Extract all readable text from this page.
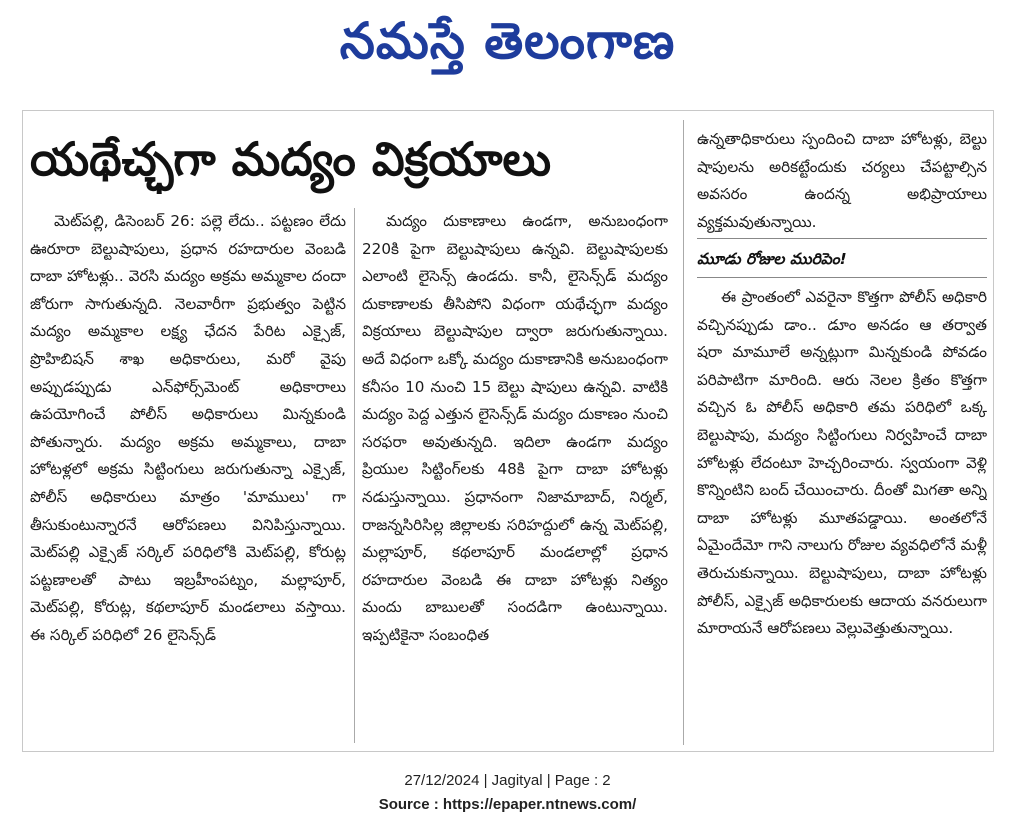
నమస్తే తెలంగాణ
యథేచ్ఛగా మద్యం విక్రయాలు

మెట్‌పల్లి, డిసెంబర్ 26: పల్లె లేదు.. పట్టణం లేదు ఊరూరా బెల్టుషాపులు, ప్రధాన రహదారుల వెంబడి దాబా హోటళ్లు.. వెరసి మద్యం అక్రమ అమ్మకాల దందా జోరుగా సాగుతున్నది. నెలవారీగా ప్రభుత్వం పెట్టిన మద్యం అమ్మకాల లక్ష్య ఛేదన పేరిట ఎక్సైజ్, ప్రొహిబిషన్ శాఖ అధికారులు, మరో వైపు అప్పుడప్పుడు ఎన్‌ఫోర్స్‌మెంట్ అధికారాలు ఉపయోగించే పోలీస్ అధికారులు మిన్నకుండి పోతున్నారు. మద్యం అక్రమ అమ్మకాలు, దాబా హోటళ్లలో అక్రమ సిట్టింగులు జరుగుతున్నా ఎక్సైజ్, పోలీస్ అధికారులు మాత్రం 'మాములు' గా తీసుకుంటున్నారనే ఆరోపణలు వినిపిస్తున్నాయి. మెట్‌పల్లి ఎక్సైజ్ సర్కిల్ పరిధిలోకి మెట్‌పల్లి, కోరుట్ల పట్టణాలతో పాటు ఇబ్రహీంపట్నం, మల్లాపూర్, మెట్‌పల్లి, కోరుట్ల, కథలాపూర్ మండలాలు వస్తాయి. ఈ సర్కిల్ పరిధిలో 26 లైసెన్స్‌డ్

మద్యం దుకాణాలు ఉండగా, అనుబంధంగా 220కి పైగా బెల్టుషాపులు ఉన్నవి. బెల్టుషాపులకు ఎలాంటి లైసెన్స్ ఉండదు. కానీ, లైసెన్స్‌డ్ మద్యం దుకాణాలకు తీసిపోని విధంగా యథేచ్ఛగా మద్యం విక్రయాలు బెల్టుషాపుల ద్వారా జరుగుతున్నాయి. అదే విధంగా ఒక్కో మద్యం దుకాణానికి అనుబంధంగా కనీసం 10 నుంచి 15 బెల్టు షాపులు ఉన్నవి. వాటికి మద్యం పెద్ద ఎత్తున లైసెన్స్‌డ్ మద్యం దుకాణం నుంచి సరఫరా అవుతున్నది. ఇదిలా ఉండగా మద్యం ప్రియుల సిట్టింగ్‌లకు 48కి పైగా దాబా హోటళ్లు నడుస్తున్నాయి. ప్రధానంగా నిజామాబాద్, నిర్మల్, రాజన్నసిరిసిల్ల జిల్లాలకు సరిహద్దులో ఉన్న మెట్‌పల్లి, మల్లాపూర్, కథలాపూర్ మండలాల్లో ప్రధాన రహదారుల వెంబడి ఈ దాబా హోటళ్లు నిత్యం మందు బాబులతో సందడిగా ఉంటున్నాయి. ఇప్పటికైనా సంబంధిత

ఉన్నతాధికారులు స్పందించి దాబా హోటళ్లు, బెల్టు షాపులను అరికట్టేందుకు చర్యలు చేపట్టాల్సిన అవసరం ఉందన్న అభిప్రాయాలు వ్యక్తమవుతున్నాయి.

మూడు రోజుల మురిపెం!

ఈ ప్రాంతంలో ఎవరైనా కొత్తగా పోలీస్ అధికారి వచ్చినప్పుడు డాం.. డూం అనడం ఆ తర్వాత షరా మామూలే అన్నట్లుగా మిన్నకుండి పోవడం పరిపాటిగా మారింది. ఆరు నెలల క్రితం కొత్తగా వచ్చిన ఓ పోలీస్ అధికారి తమ పరిధిలో ఒక్క బెల్టుషాపు, మద్యం సిట్టింగులు నిర్వహించే దాబా హోటళ్లు లేదంటూ హెచ్చరించారు. స్వయంగా వెళ్లి కొన్నింటిని బంద్ చేయించారు. దీంతో మిగతా అన్ని దాబా హోటళ్లు మూతపడ్డాయి. అంతలోనే ఏమైందేమో గాని నాలుగు రోజుల వ్యవధిలోనే మళ్లీ తెరుచుకున్నాయి. బెల్టుషాపులు, దాబా హోటళ్లు పోలీస్, ఎక్సైజ్ అధికారులకు ఆదాయ వనరులుగా మారాయనే ఆరోపణలు వెల్లువెత్తుతున్నాయి.

27/12/2024 | Jagityal | Page : 2
Source : https://epaper.ntnews.com/
